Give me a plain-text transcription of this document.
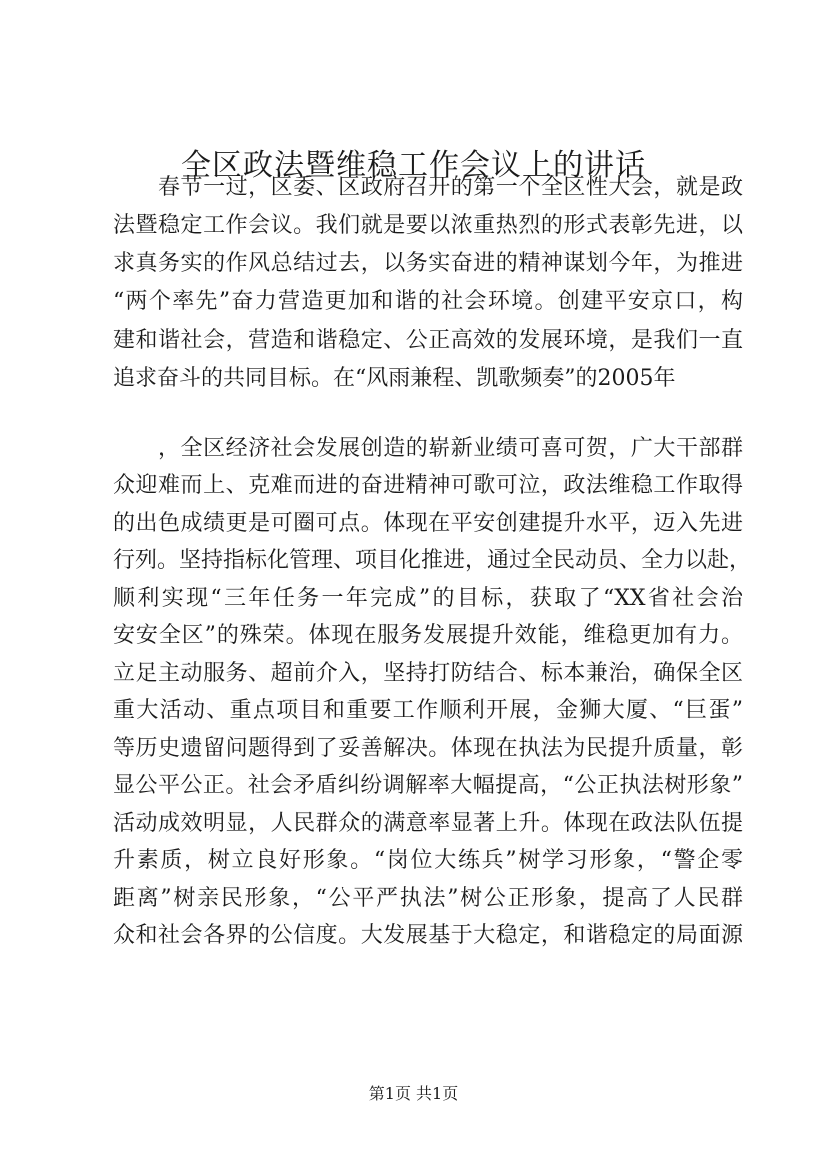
全区政法暨维稳工作会议上的讲话
　　春节一过，区委、区政府召开的第一个全区性大会，就是政
法暨稳定工作会议。我们就是要以浓重热烈的形式表彰先进，以
求真务实的作风总结过去，以务实奋进的精神谋划今年，为推进
“两个率先”奋力营造更加和谐的社会环境。创建平安京口，构
建和谐社会，营造和谐稳定、公正高效的发展环境，是我们一直
追求奋斗的共同目标。在“风雨兼程、凯歌频奏”的2005年
　　，全区经济社会发展创造的崭新业绩可喜可贺，广大干部群
众迎难而上、克难而进的奋进精神可歌可泣，政法维稳工作取得
的出色成绩更是可圈可点。体现在平安创建提升水平，迈入先进
行列。坚持指标化管理、项目化推进，通过全民动员、全力以赴，
顺利实现“三年任务一年完成”的目标，获取了“XX省社会治
安安全区”的殊荣。体现在服务发展提升效能，维稳更加有力。
立足主动服务、超前介入，坚持打防结合、标本兼治，确保全区
重大活动、重点项目和重要工作顺利开展，金狮大厦、“巨蛋”
等历史遗留问题得到了妥善解决。体现在执法为民提升质量，彰
显公平公正。社会矛盾纠纷调解率大幅提高，“公正执法树形象”
活动成效明显，人民群众的满意率显著上升。体现在政法队伍提
升素质，树立良好形象。“岗位大练兵”树学习形象，“警企零
距离”树亲民形象，“公平严执法”树公正形象，提高了人民群
众和社会各界的公信度。大发展基于大稳定，和谐稳定的局面源
第1页 共1页
